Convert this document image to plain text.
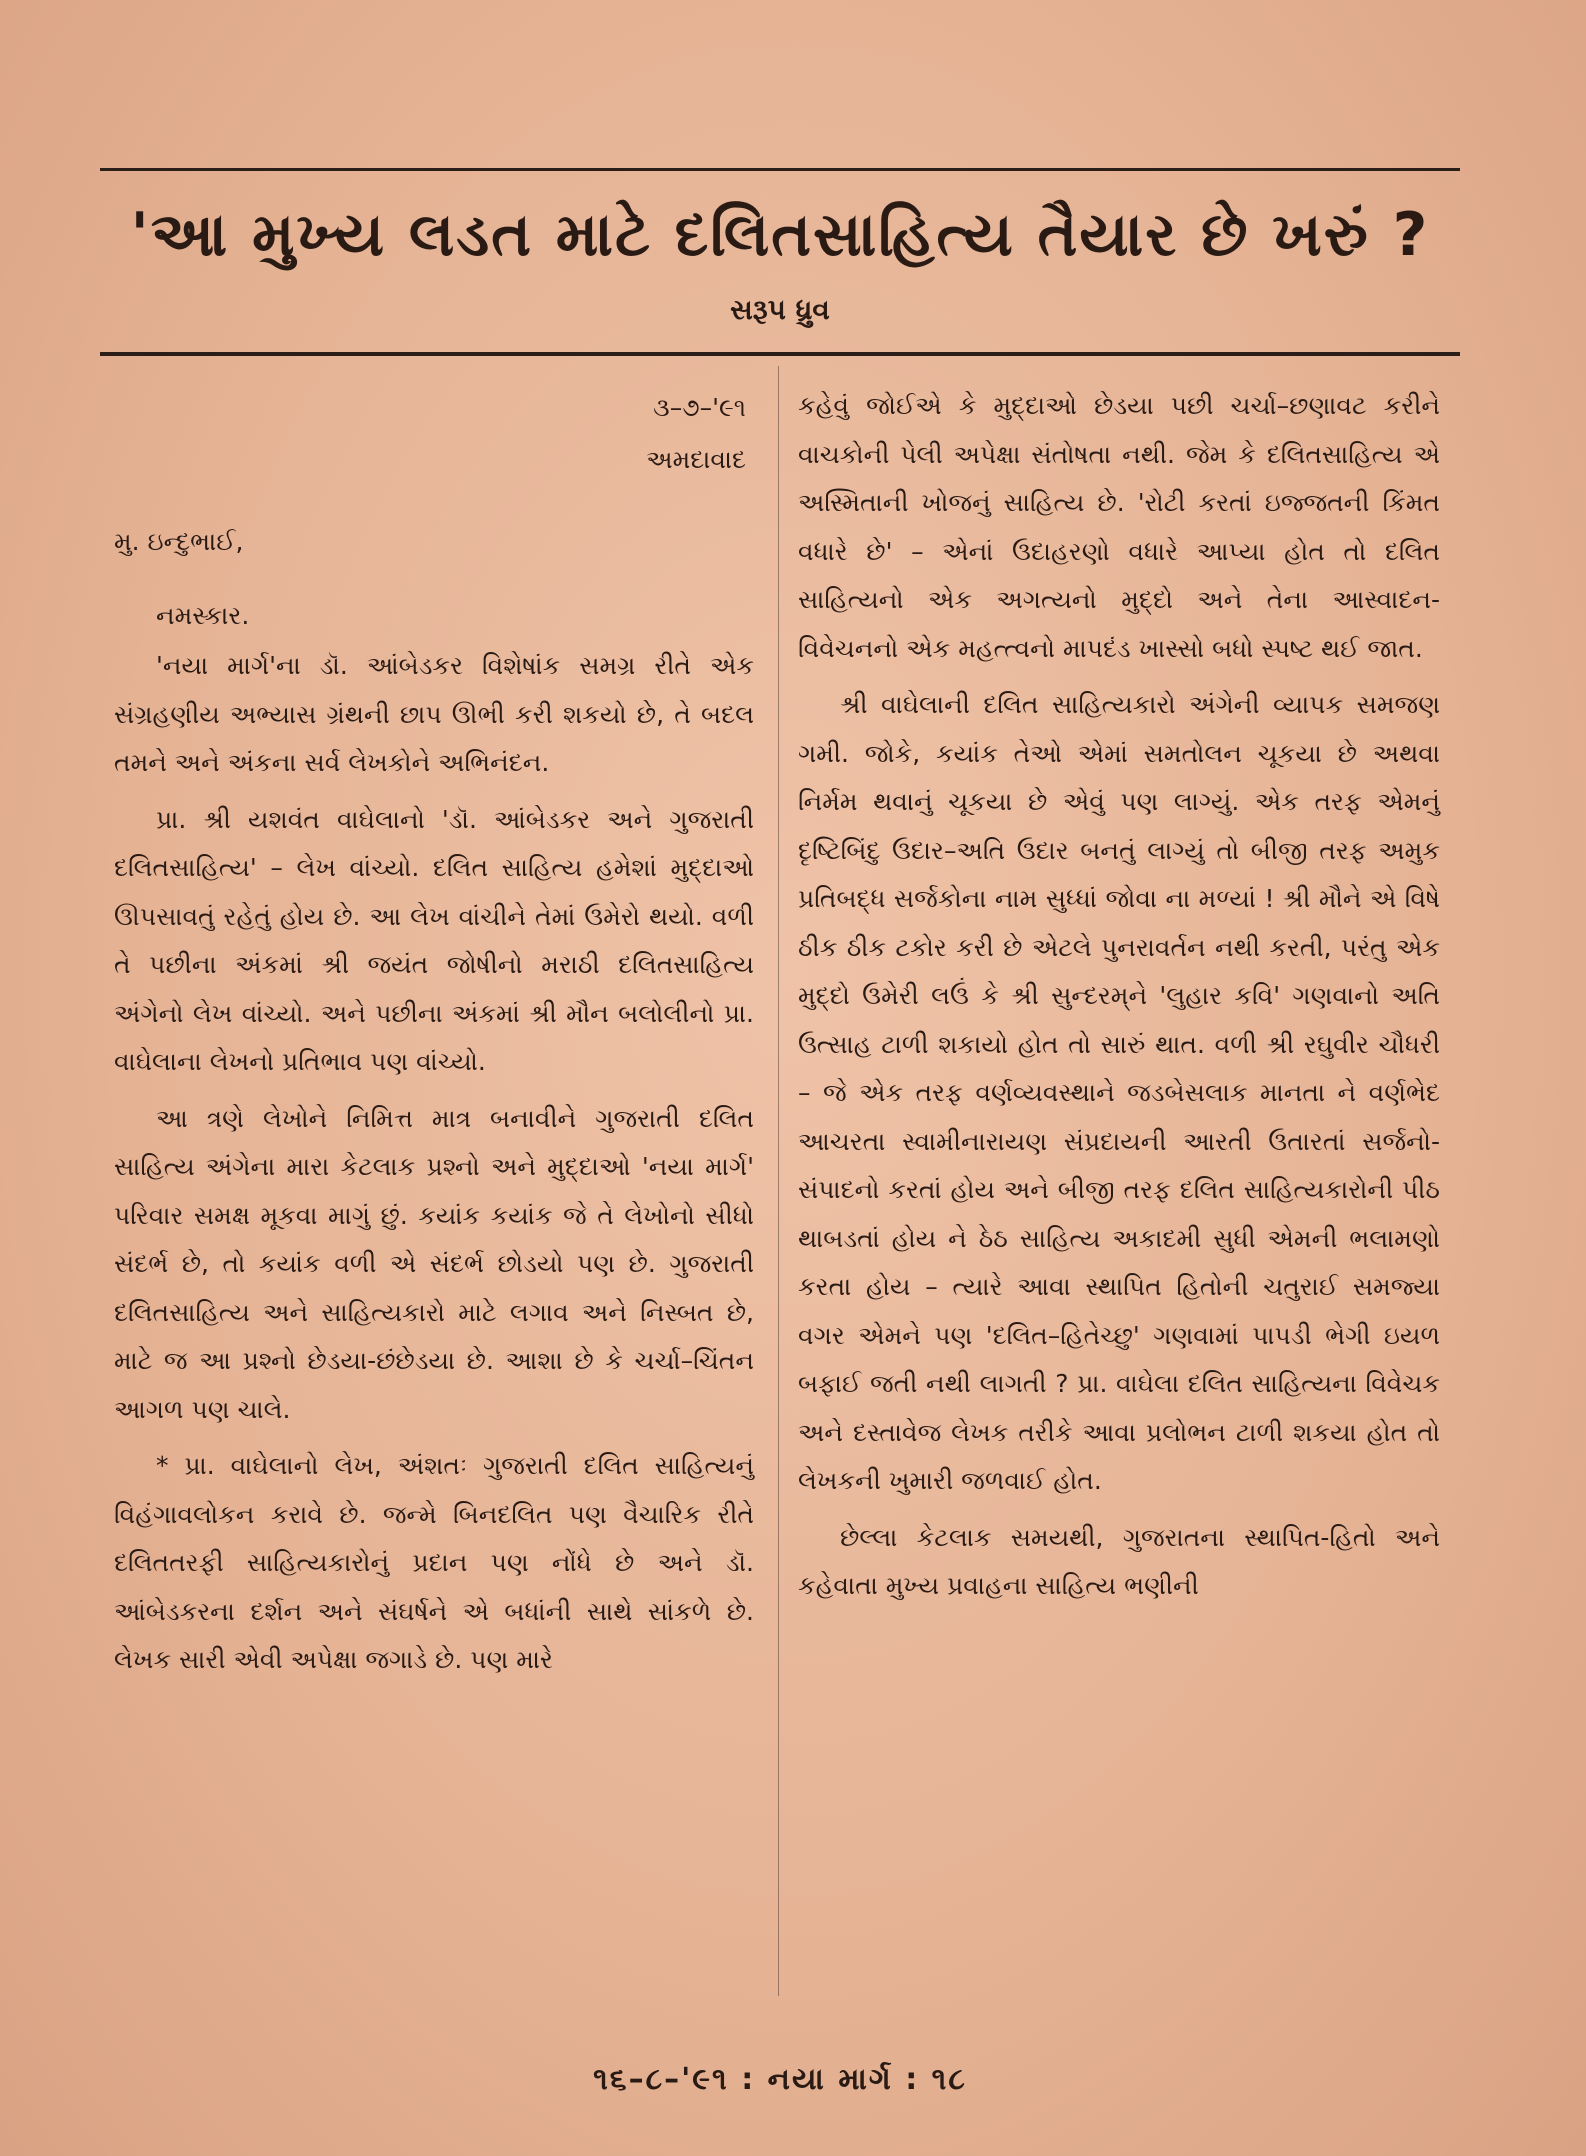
'આ મુખ્ય લડત માટે દલિતસાહિત્ય તૈયાર છે ખરું ?
સરૂપ ધ્રુવ
૩–૭–'૯૧
અમદાવાદ
મુ. ઇન્દુભાઈ,
નમસ્કાર.

'નયા માર્ગ'ના ડૉ. આંબેડકર વિશેષાંક સમગ્ર રીતે એક સંગ્રહણીય અભ્યાસ ગ્રંથની છાપ ઊભી કરી શકયો છે, તે બદલ તમને અને અંકના સર્વ લેખકોને અભિનંદન.

પ્રા. શ્રી યશવંત વાઘેલાનો 'ડૉ. આંબેડકર અને ગુજરાતી દલિતસાહિત્ય' – લેખ વાંચ્યો. દલિત સાહિત્ય હમેશાં મુદ્દાઓ ઊપસાવતું રહેતું હોય છે. આ લેખ વાંચીને તેમાં ઉમેરો થયો. વળી તે પછીના અંકમાં શ્રી જયંત જોષીનો મરાઠી દલિતસાહિત્ય અંગેનો લેખ વાંચ્યો. અને પછીના અંકમાં શ્રી મૌન બલોલીનો પ્રા. વાઘેલાના લેખનો પ્રતિભાવ પણ વાંચ્યો.

આ ત્રણે લેખોને નિમિત્ત માત્ર બનાવીને ગુજરાતી દલિત સાહિત્ય અંગેના મારા કેટલાક પ્રશ્નો અને મુદ્દાઓ 'નયા માર્ગ' પરિવાર સમક્ષ મૂકવા માગું છું. કયાંક કયાંક જે તે લેખોનો સીધો સંદર્ભ છે, તો કયાંક વળી એ સંદર્ભ છોડયો પણ છે. ગુજરાતી દલિતસાહિત્ય અને સાહિત્યકારો માટે લગાવ અને નિસ્બત છે, માટે જ આ પ્રશ્નો છેડયા-છંછેડયા છે. આશા છે કે ચર્ચા–ચિંતન આગળ પણ ચાલે.

* પ્રા. વાઘેલાનો લેખ, અંશતઃ ગુજરાતી દલિત સાહિત્યનું વિહંગાવલોકન કરાવે છે. જન્મે બિનદલિત પણ વૈચારિક રીતે દલિતતરફી સાહિત્યકારોનું પ્રદાન પણ નોંધે છે અને ડૉ. આંબેડકરના દર્શન અને સંઘર્ષને એ બધાંની સાથે સાંકળે છે. લેખક સારી એવી અપેક્ષા જગાડે છે. પણ મારે

કહેવું જોઈએ કે મુદ્દાઓ છેડયા પછી ચર્ચા–છણાવટ કરીને વાચકોની પેલી અપેક્ષા સંતોષતા નથી. જેમ કે દલિતસાહિત્ય એ અસ્મિતાની ખોજનું સાહિત્ય છે. 'રોટી કરતાં ઇજ્જતની કિંમત વધારે છે' – એનાં ઉદાહરણો વધારે આપ્યા હોત તો દલિત સાહિત્યનો એક અગત્યનો મુદ્દો અને તેના આસ્વાદન-વિવેચનનો એક મહત્ત્વનો માપદંડ ખાસ્સો બધો સ્પષ્ટ થઈ જાત.

શ્રી વાઘેલાની દલિત સાહિત્યકારો અંગેની વ્યાપક સમજણ ગમી. જોકે, કયાંક તેઓ એમાં સમતોલન ચૂકયા છે અથવા નિર્મમ થવાનું ચૂકયા છે એવું પણ લાગ્યું. એક તરફ એમનું દૃષ્ટિબિંદુ ઉદાર–અતિ ઉદાર બનતું લાગ્યું તો બીજી તરફ અમુક પ્રતિબદ્ધ સર્જકોના નામ સુધ્ધાં જોવા ના મળ્યાં ! શ્રી મૌને એ વિષે ઠીક ઠીક ટકોર કરી છે એટલે પુનરાવર્તન નથી કરતી, પરંતુ એક મુદ્દો ઉમેરી લઉં કે શ્રી સુન્દરમ્‌ને 'લુહાર કવિ' ગણવાનો અતિ ઉત્સાહ ટાળી શકાયો હોત તો સારું થાત. વળી શ્રી રઘુવીર ચૌધરી – જે એક તરફ વર્ણવ્યવસ્થાને જડબેસલાક માનતા ને વર્ણભેદ આચરતા સ્વામીનારાયણ સંપ્રદાયની આરતી ઉતારતાં સર્જનો-સંપાદનો કરતાં હોય અને બીજી તરફ દલિત સાહિત્યકારોની પીઠ થાબડતાં હોય ને ઠેઠ સાહિત્ય અકાદમી સુધી એમની ભલામણો કરતા હોય – ત્યારે આવા સ્થાપિત હિતોની ચતુરાઈ સમજ્યા વગર એમને પણ 'દલિત–હિતેચ્છુ' ગણવામાં પાપડી ભેગી ઇયળ બફાઈ જતી નથી લાગતી ? પ્રા. વાઘેલા દલિત સાહિત્યના વિવેચક અને દસ્તાવેજ લેખક તરીકે આવા પ્રલોભન ટાળી શકયા હોત તો લેખકની ખુમારી જળવાઈ હોત.

છેલ્લા કેટલાક સમયથી, ગુજરાતના સ્થાપિત-હિતો અને કહેવાતા મુખ્ય પ્રવાહના સાહિત્ય ભણીની

૧૬–૮–'૯૧ : નયા માર્ગ : ૧૮
